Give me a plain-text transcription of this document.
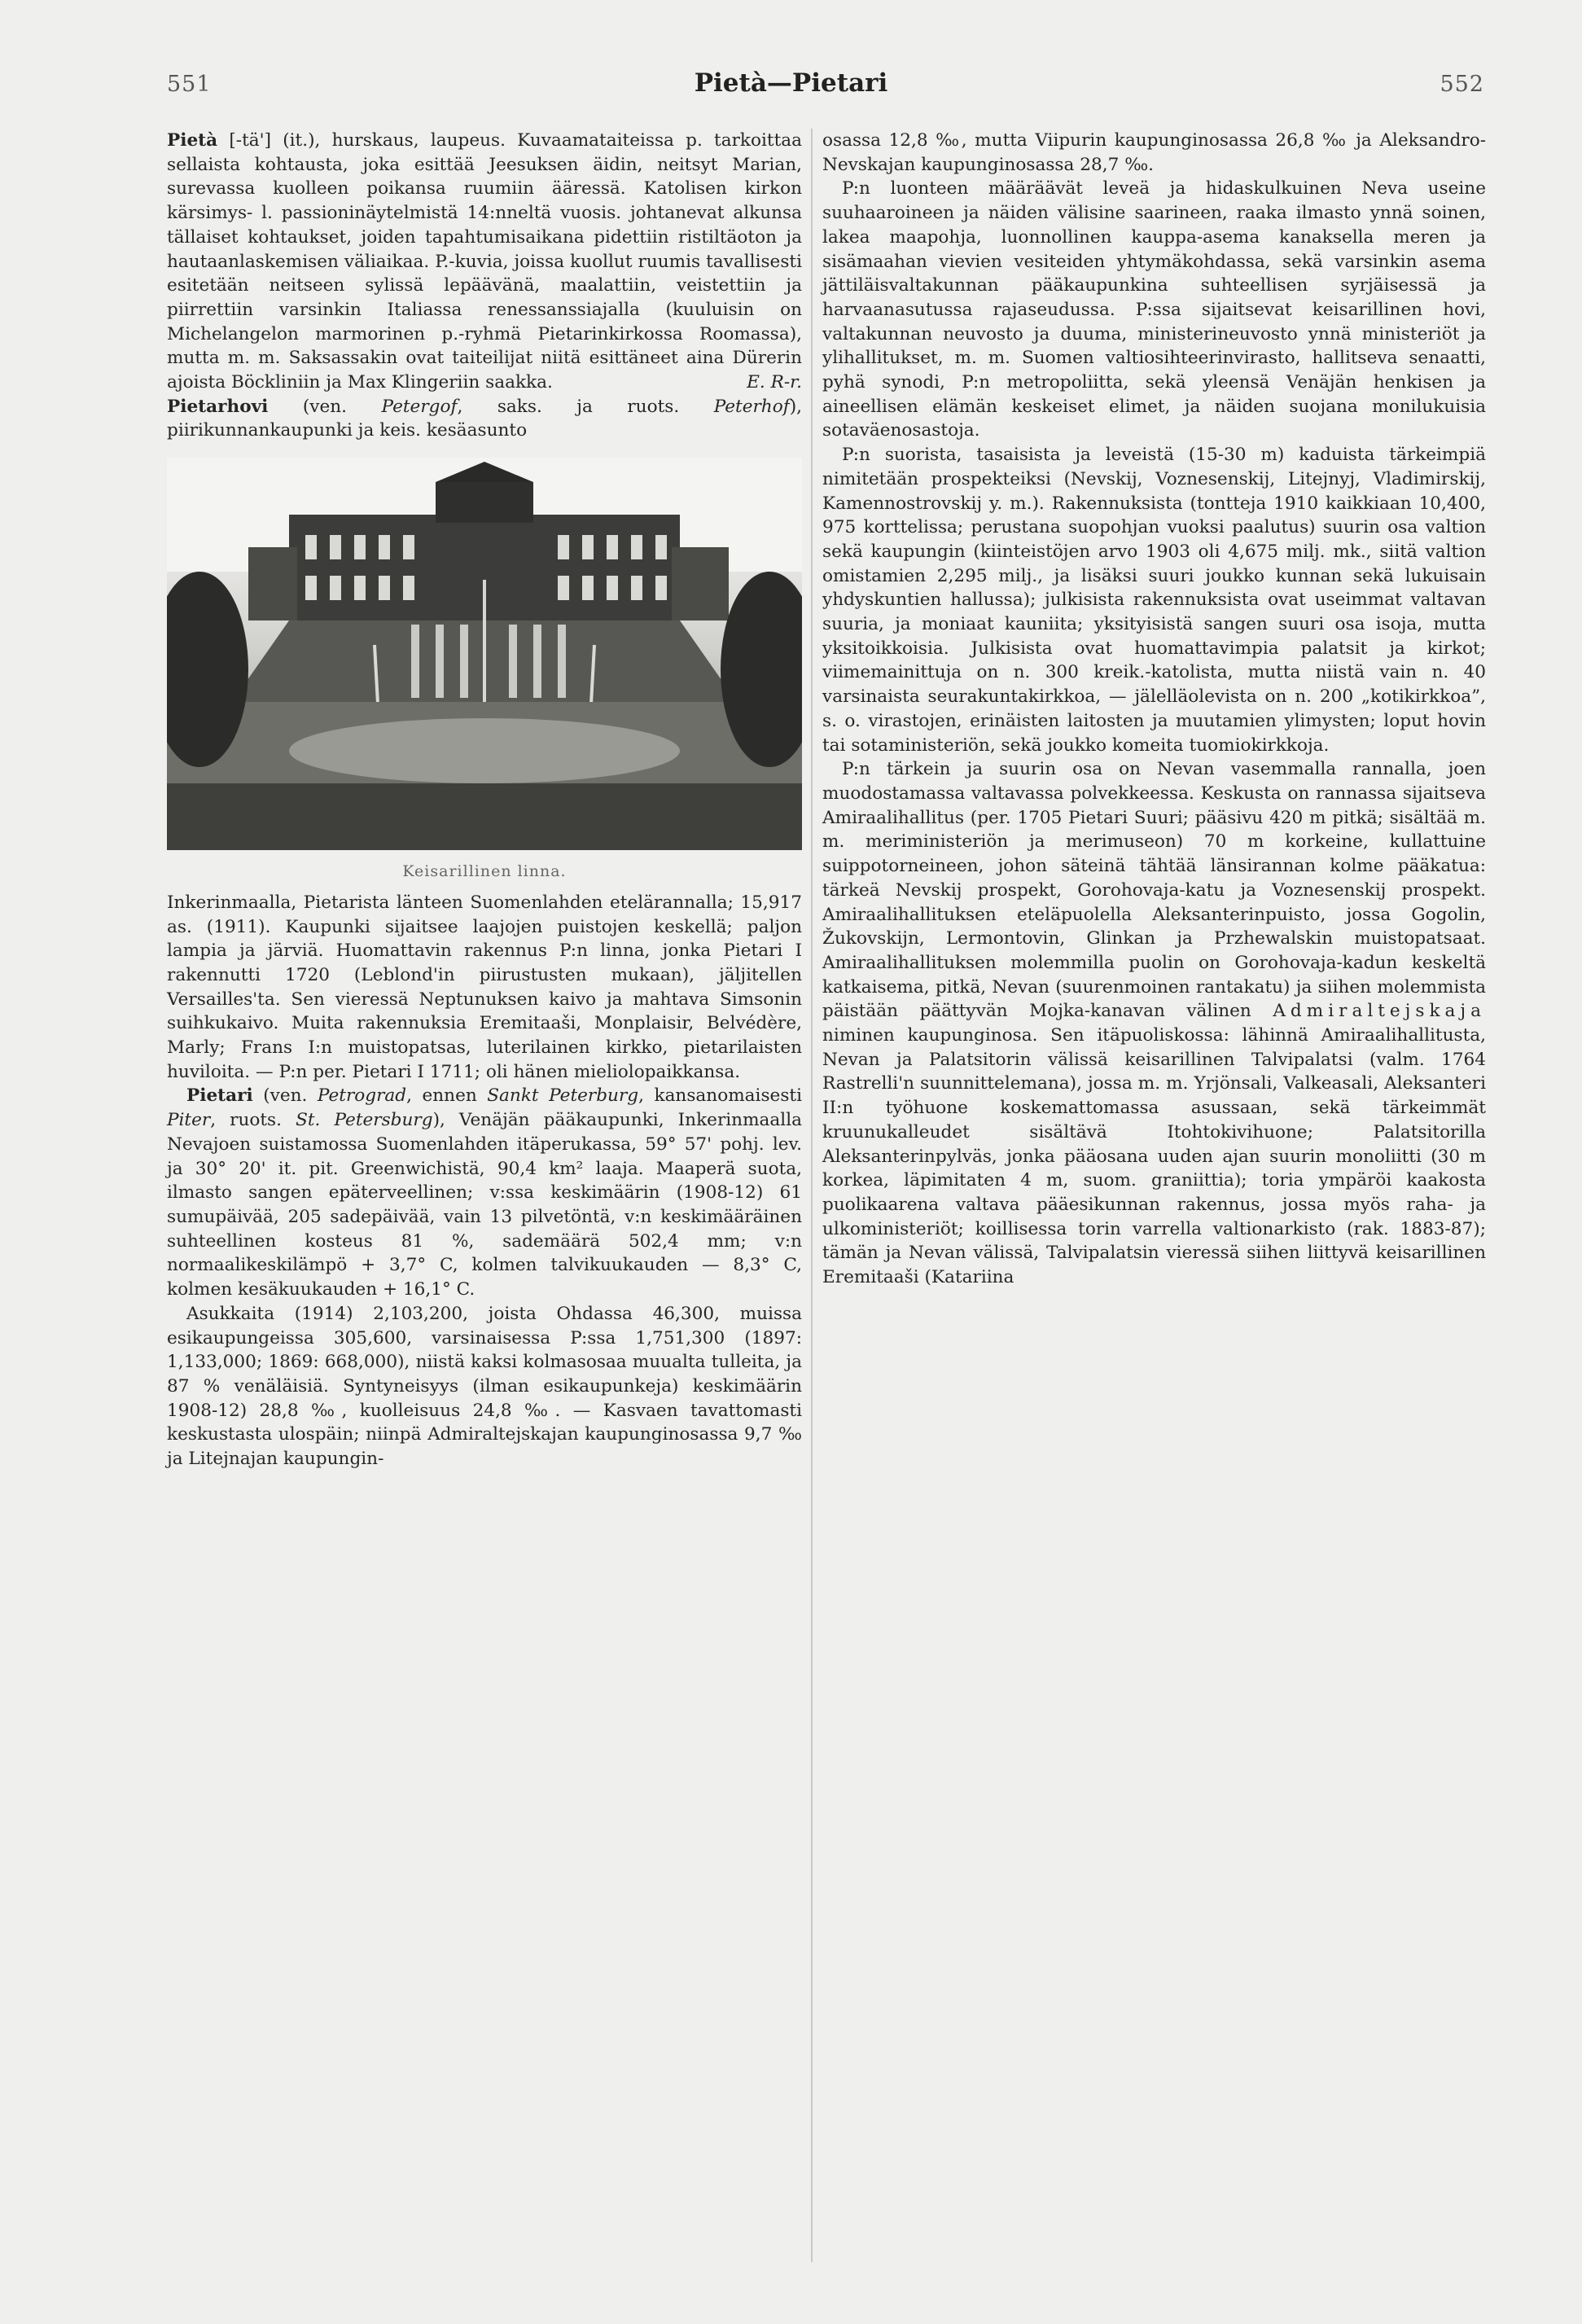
551	Pietà—Pietari	552

Pietà [-tä'] (it.), hurskaus, laupeus. Kuvaamataiteissa p. tarkoittaa sellaista kohtausta, joka esittää Jeesuksen äidin, neitsyt Marian, surevassa kuolleen poikansa ruumiin ääressä. Katolisen kirkon kärsimys- l. passioninäytelmistä 14:nneltä vuosis. johtanevat alkunsa tällaiset kohtaukset, joiden tapahtumisaikana pidettiin ristiltäoton ja hautaanlaskemisen väliaikaa. P.-kuvia, joissa kuollut ruumis tavallisesti esitetään neitseen sylissä lepäävänä, maalattiin, veistettiin ja piirrettiin varsinkin Italiassa renessanssiajalla (kuuluisin on Michelangelon marmorinen p.-ryhmä Pietarinkirkossa Roomassa), mutta m. m. Saksassakin ovat taiteilijat niitä esittäneet aina Dürerin ajoista Böckliniin ja Max Klingeriin saakka.	E. R-r.

Pietarhovi (ven. Petergof, saks. ja ruots. Peterhof), piirikunnankaupunki ja keis. kesäasunto

Keisarillinen linna.

Inkerinmaalla, Pietarista länteen Suomenlahden etelärannalla; 15,917 as. (1911). Kaupunki sijaitsee laajojen puistojen keskellä; paljon lampia ja järviä. Huomattavin rakennus P:n linna, jonka Pietari I rakennutti 1720 (Leblond'in piirustusten mukaan), jäljitellen Versailles'ta. Sen vieressä Neptunuksen kaivo ja mahtava Simsonin suihkukaivo. Muita rakennuksia Eremitaaši, Monplaisir, Belvédère, Marly; Frans I:n muistopatsas, luterilainen kirkko, pietarilaisten huviloita. — P:n per. Pietari I 1711; oli hänen mieliolopaikkansa.

Pietari (ven. Petrograd, ennen Sankt Peterburg, kansanomaisesti Piter, ruots. St. Petersburg), Venäjän pääkaupunki, Inkerinmaalla Nevajoen suistamossa Suomenlahden itäperukassa, 59° 57' pohj. lev. ja 30° 20' it. pit. Greenwichistä, 90,4 km² laaja. Maaperä suota, ilmasto sangen epäterveellinen; v:ssa keskimäärin (1908-12) 61 sumupäivää, 205 sadepäivää, vain 13 pilvetöntä, v:n keskimääräinen suhteellinen kosteus 81 %, sademäärä 502,4 mm; v:n normaalikeskilämpö + 3,7° C, kolmen talvikuukauden — 8,3° C, kolmen kesäkuukauden + 16,1° C.

Asukkaita (1914) 2,103,200, joista Ohdassa 46,300, muissa esikaupungeissa 305,600, varsinaisessa P:ssa 1,751,300 (1897: 1,133,000; 1869: 668,000), niistä kaksi kolmasosaa muualta tulleita, ja 87 % venäläisiä. Syntyneisyys (ilman esikaupunkeja) keskimäärin 1908-12) 28,8 ‰, kuolleisuus 24,8 ‰. — Kasvaen tavattomasti keskustasta ulospäin; niinpä Admiraltejskajan kaupunginosassa 9,7 ‰ ja Litejnajan kaupungin-

osassa 12,8 ‰, mutta Viipurin kaupunginosassa 26,8 ‰ ja Aleksandro-Nevskajan kaupunginosassa 28,7 ‰.

P:n luonteen määräävät leveä ja hidaskulkuinen Neva useine suuhaaroineen ja näiden välisine saarineen, raaka ilmasto ynnä soinen, lakea maapohja, luonnollinen kauppa-asema kanaksella meren ja sisämaahan vievien vesiteiden yhtymäkohdassa, sekä varsinkin asema jättiläisvaltakunnan pääkaupunkina suhteellisen syrjäisessä ja harvaanasutussa rajaseudussa. P:ssa sijaitsevat keisarillinen hovi, valtakunnan neuvosto ja duuma, ministerineuvosto ynnä ministeriöt ja ylihallitukset, m. m. Suomen valtiosihteerinvirasto, hallitseva senaatti, pyhä synodi, P:n metropoliitta, sekä yleensä Venäjän henkisen ja aineellisen elämän keskeiset elimet, ja näiden suojana monilukuisia sotaväenosastoja.

P:n suorista, tasaisista ja leveistä (15-30 m) kaduista tärkeimpiä nimitetään prospekteiksi (Nevskij, Voznesenskij, Litejnyj, Vladimirskij, Kamennostrovskij y. m.). Rakennuksista (tontteja 1910 kaikkiaan 10,400, 975 korttelissa; perustana suopohjan vuoksi paalutus) suurin osa valtion sekä kaupungin (kiinteistöjen arvo 1903 oli 4,675 milj. mk., siitä valtion omistamien 2,295 milj., ja lisäksi suuri joukko kunnan sekä lukuisain yhdyskuntien hallussa); julkisista rakennuksista ovat useimmat valtavan suuria, ja moniaat kauniita; yksityisistä sangen suuri osa isoja, mutta yksitoikkoisia. Julkisista ovat huomattavimpia palatsit ja kirkot; viimemainittuja on n. 300 kreik.-katolista, mutta niistä vain n. 40 varsinaista seurakuntakirkkoa, — jälelläolevista on n. 200 „kotikirkkoa”, s. o. virastojen, erinäisten laitosten ja muutamien ylimysten; loput hovin tai sotaministeriön, sekä joukko komeita tuomiokirkkoja.

P:n tärkein ja suurin osa on Nevan vasemmalla rannalla, joen muodostamassa valtavassa polvekkeessa. Keskusta on rannassa sijaitseva Amiraalihallitus (per. 1705 Pietari Suuri; pääsivu 420 m pitkä; sisältää m. m. meriministeriön ja merimuseon) 70 m korkeine, kullattuine suippotorneineen, johon säteinä tähtää länsirannan kolme pääkatua: tärkeä Nevskij prospekt, Gorohovaja-katu ja Voznesenskij prospekt. Amiraalihallituksen eteläpuolella Aleksanterinpuisto, jossa Gogolin, Žukovskijn, Lermontovin, Glinkan ja Przhewalskin muistopatsaat. Amiraalihallituksen molemmilla puolin on Gorohovaja-kadun keskeltä katkaisema, pitkä, Nevan (suurenmoinen rantakatu) ja siihen molemmista päistään päättyvän Mojka-kanavan välinen Admiraltejskaja niminen kaupunginosa. Sen itäpuoliskossa: lähinnä Amiraalihallitusta, Nevan ja Palatsitorin välissä keisarillinen Talvipalatsi (valm. 1764 Rastrelli'n suunnittelemana), jossa m. m. Yrjönsali, Valkeasali, Aleksanteri II:n työhuone koskemattomassa asussaan, sekä tärkeimmät kruunukalleudet sisältävä Itohtokivihuone; Palatsitorilla Aleksanterinpylväs, jonka pääosana uuden ajan suurin monoliitti (30 m korkea, läpimitaten 4 m, suom. graniittia); toria ympäröi kaakosta puolikaarena valtava pääesikunnan rakennus, jossa myös raha- ja ulkoministeriöt; koillisessa torin varrella valtionarkisto (rak. 1883-87); tämän ja Nevan välissä, Talvipalatsin vieressä siihen liittyvä keisarillinen Eremitaaši (Katariina
